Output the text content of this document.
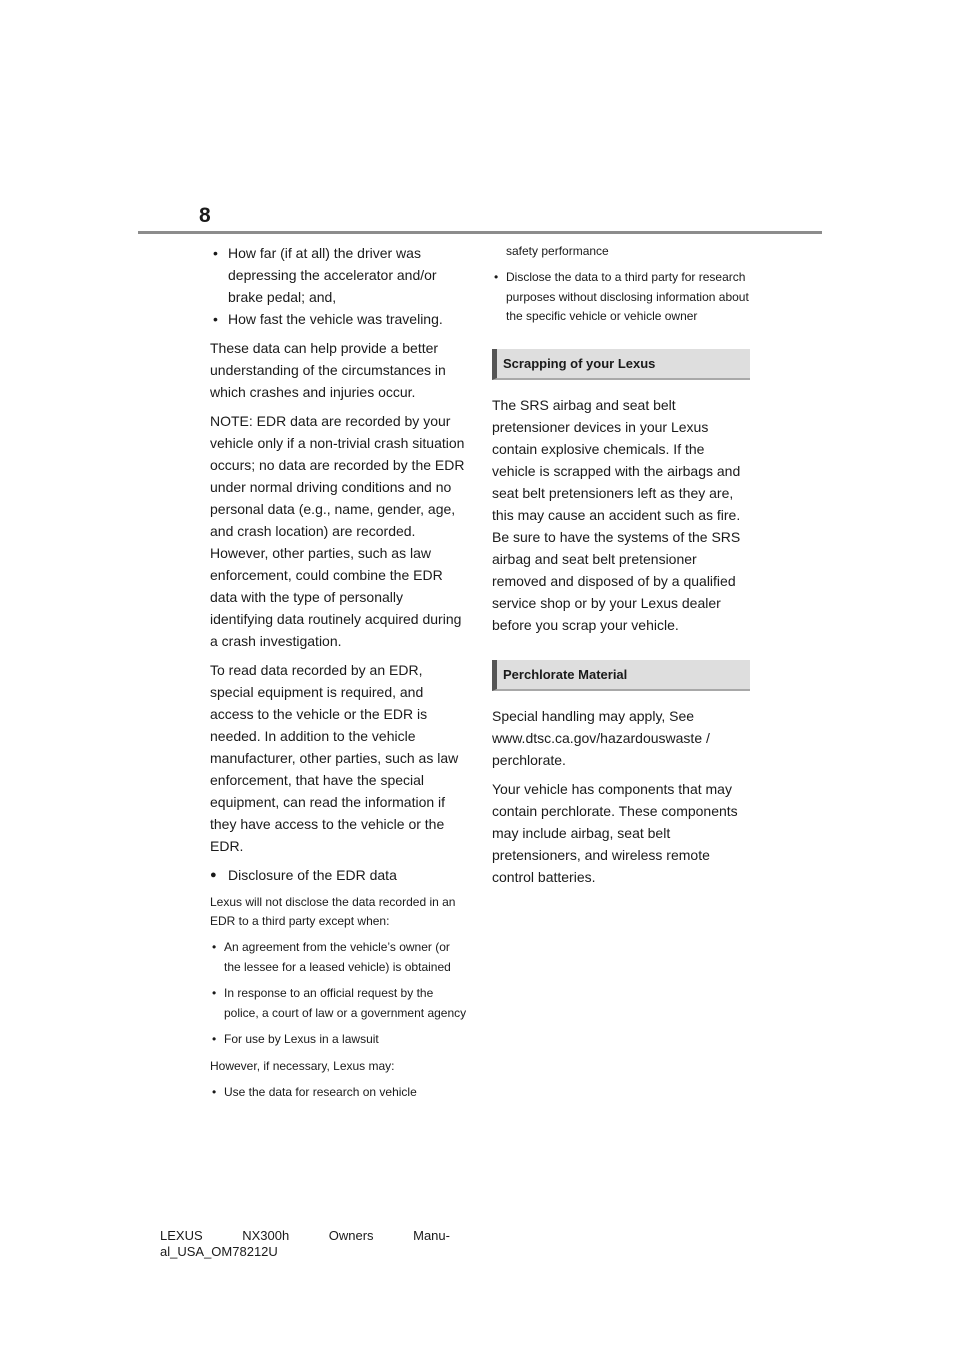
8

• How far (if at all) the driver was depressing the accelerator and/or brake pedal; and,

• How fast the vehicle was traveling.

These data can help provide a better understanding of the circumstances in which crashes and injuries occur.

NOTE: EDR data are recorded by your vehicle only if a non-trivial crash situation occurs; no data are recorded by the EDR under normal driving conditions and no personal data (e.g., name, gender, age, and crash location) are recorded. However, other parties, such as law enforcement, could combine the EDR data with the type of personally identifying data routinely acquired during a crash investigation.

To read data recorded by an EDR, special equipment is required, and access to the vehicle or the EDR is needed. In addition to the vehicle manufacturer, other parties, such as law enforcement, that have the special equipment, can read the information if they have access to the vehicle or the EDR.

● Disclosure of the EDR data

Lexus will not disclose the data recorded in an EDR to a third party except when:

• An agreement from the vehicle’s owner (or the lessee for a leased vehicle) is obtained

• In response to an official request by the police, a court of law or a government agency

• For use by Lexus in a lawsuit

However, if necessary, Lexus may:

• Use the data for research on vehicle

safety performance

• Disclose the data to a third party for research purposes without disclosing information about the specific vehicle or vehicle owner

Scrapping of your Lexus

The SRS airbag and seat belt pretensioner devices in your Lexus contain explosive chemicals. If the vehicle is scrapped with the airbags and seat belt pretensioners left as they are, this may cause an accident such as fire. Be sure to have the systems of the SRS airbag and seat belt pretensioner removed and disposed of by a qualified service shop or by your Lexus dealer before you scrap your vehicle.

Perchlorate Material

Special handling may apply, See www.dtsc.ca.gov/hazardouswaste / perchlorate.

Your vehicle has components that may contain perchlorate. These components may include airbag, seat belt pretensioners, and wireless remote control batteries.

LEXUS	NX300h	Owners	Manu-
al_USA_OM78212U
